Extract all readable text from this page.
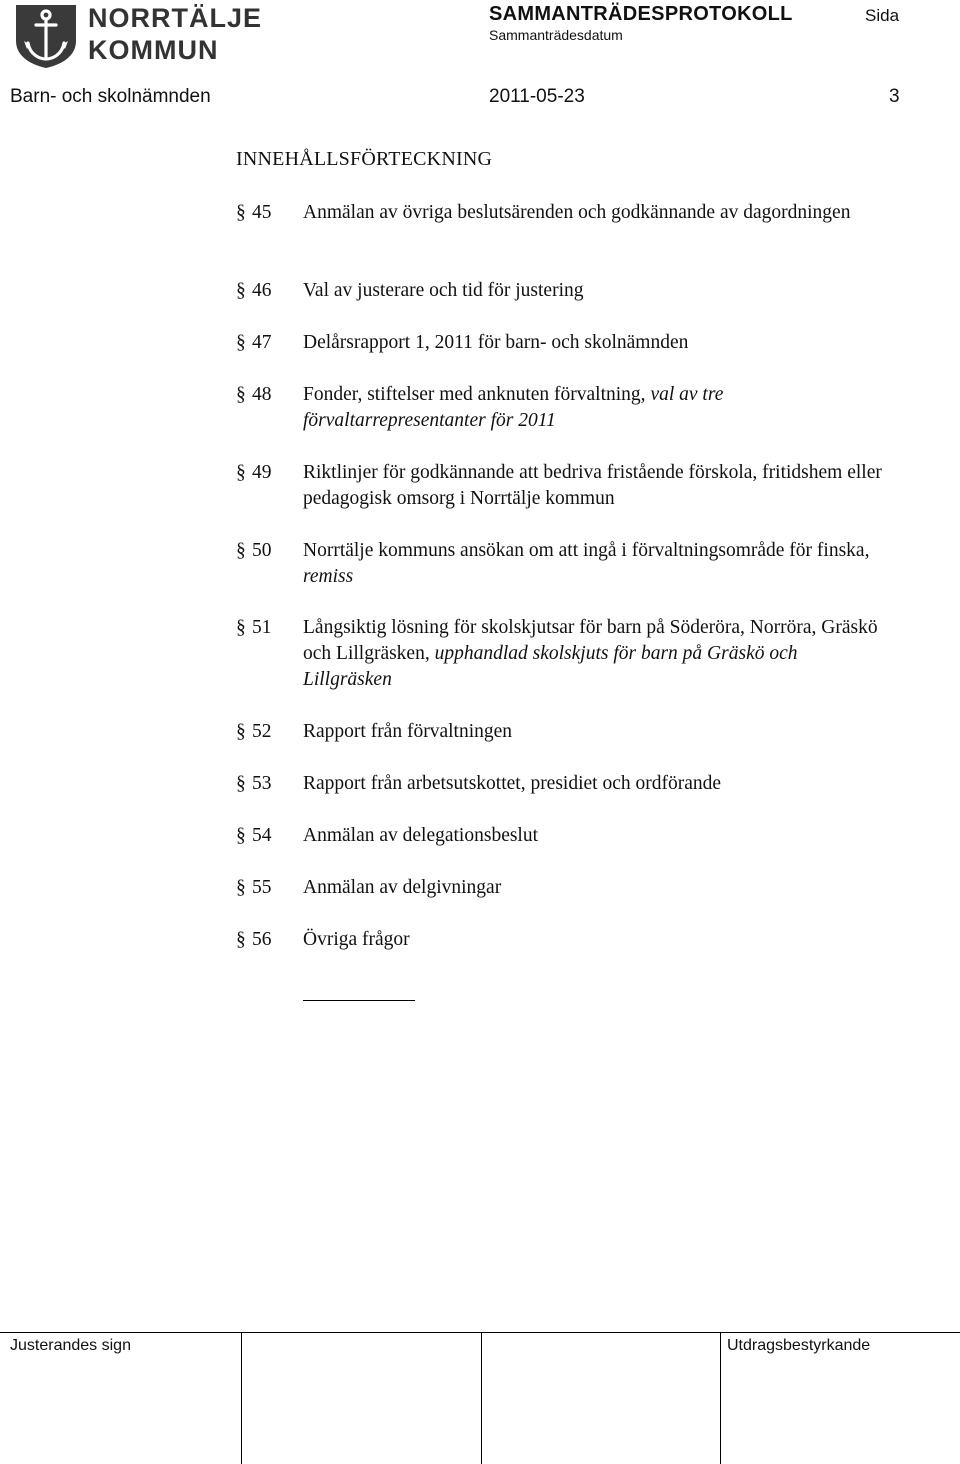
NORRTÄLJE
KOMMUN
SAMMANTRÄDESPROTOKOLL
Sammanträdesdatum
Sida
Barn- och skolnämnden	2011-05-23	3
INNEHÅLLSFÖRTECKNING
§ 45 Anmälan av övriga beslutsärenden och godkännande av dagordningen
§ 46 Val av justerare och tid för justering
§ 47 Delårsrapport 1, 2011 för barn- och skolnämnden
§ 48 Fonder, stiftelser med anknuten förvaltning, val av tre förvaltarrepresentanter för 2011
§ 49 Riktlinjer för godkännande att bedriva fristående förskola, fritidshem eller pedagogisk omsorg i Norrtälje kommun
§ 50 Norrtälje kommuns ansökan om att ingå i förvaltningsområde för finska, remiss
§ 51 Långsiktig lösning för skolskjutsar för barn på Söderöra, Norröra, Gräskö och Lillgräsken, upphandlad skolskjuts för barn på Gräskö och Lillgräsken
§ 52 Rapport från förvaltningen
§ 53 Rapport från arbetsutskottet, presidiet och ordförande
§ 54 Anmälan av delegationsbeslut
§ 55 Anmälan av delgivningar
§ 56 Övriga frågor
Justerandes sign	Utdragsbestyrkande
